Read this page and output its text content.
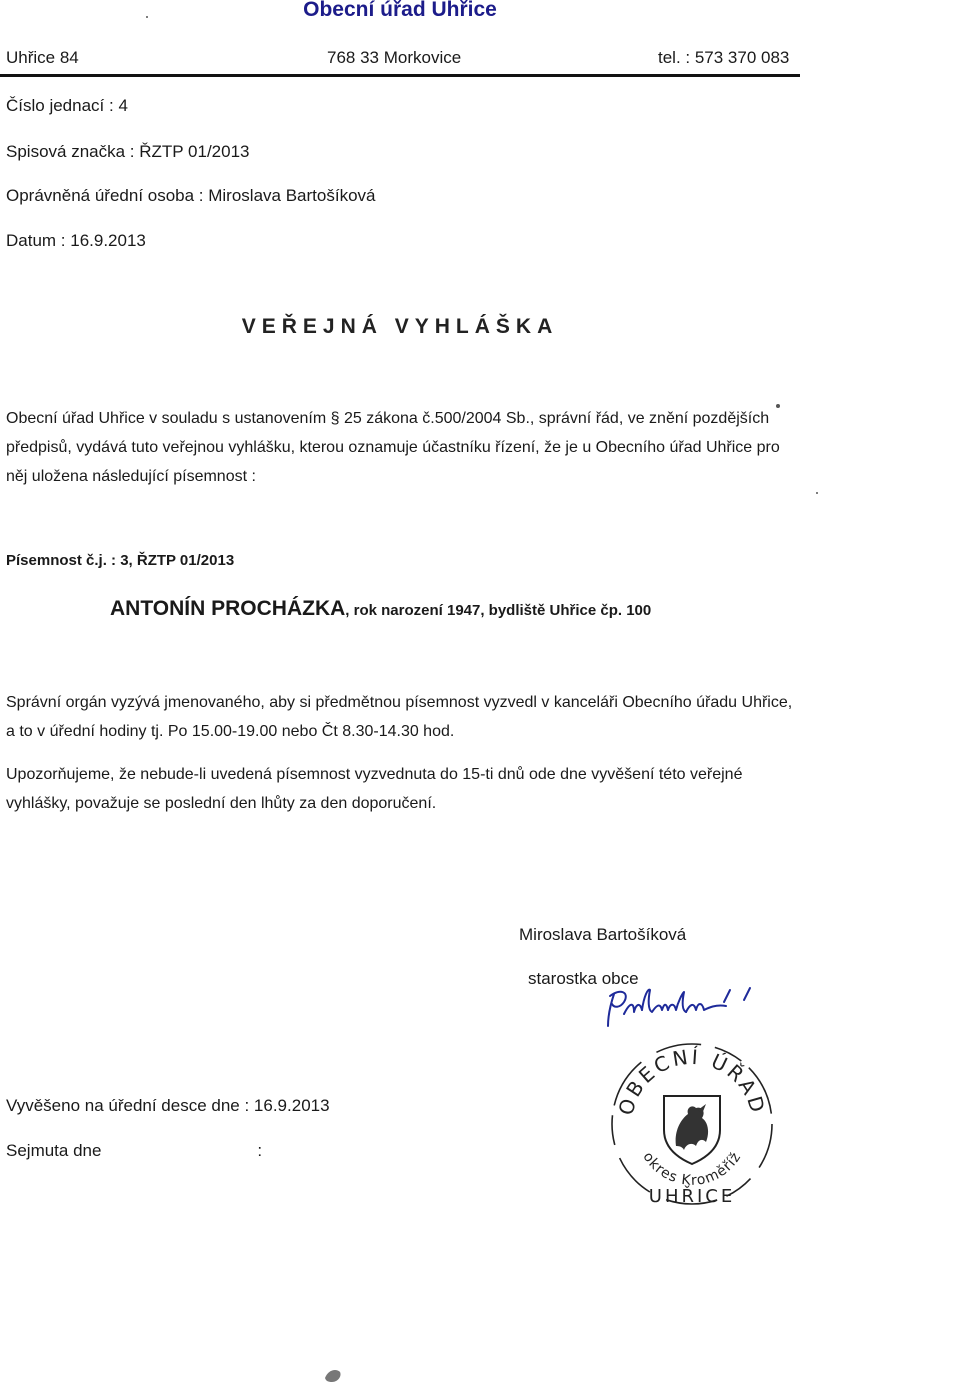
Obecní úřad Uhřice
Uhřice 84	768 33 Morkovice	tel. : 573 370 083
Číslo jednací : 4
Spisová značka : ŘZTP 01/2013
Oprávněná úřední osoba : Miroslava Bartošíková
Datum : 16.9.2013
VEŘEJNÁ VYHLÁŠKA
Obecní úřad Uhřice v souladu s ustanovením § 25 zákona č.500/2004 Sb., správní řád, ve znění pozdějších předpisů, vydává tuto veřejnou vyhlášku, kterou oznamuje účastníku řízení, že je u Obecního úřad Uhřice pro něj uložena následující písemnost :
Písemnost č.j. : 3, ŘZTP 01/2013
ANTONÍN PROCHÁZKA, rok narození 1947, bydliště Uhřice čp. 100
Správní orgán vyzývá jmenovaného, aby si předmětnou písemnost vyzvedl v kanceláři Obecního úřadu Uhřice, a to v úřední hodiny tj. Po 15.00-19.00 nebo Čt 8.30-14.30 hod.
Upozorňujeme, že nebude-li uvedená písemnost vyzvednuta do 15-ti dnů ode dne vyvěšení této veřejné vyhlášky, považuje se poslední den lhůty za den doporučení.
Miroslava Bartošíková
starostka obce
OBECNÍ ÚŘAD
okres Kroměříž
UHŘICE
Vyvěšeno na úřední desce dne : 16.9.2013
Sejmuta dne                                 :
